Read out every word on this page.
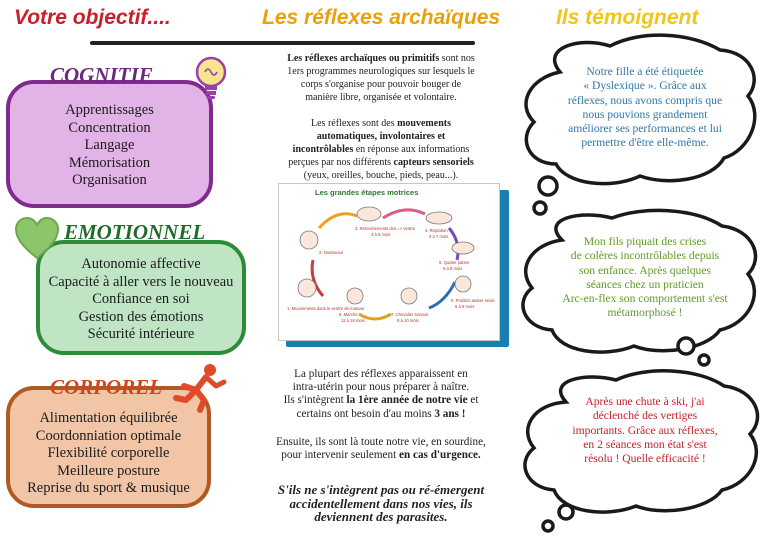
Votre objectif....	Les réflexes archaïques	Ils témoignent
Apprentissages
Concentration
Langage
Mémorisation
Organisation
COGNITIF
Autonomie affective
Capacité à aller vers le nouveau
Confiance en soi
Gestion des émotions
Sécurité intérieure
EMOTIONNEL
Alimentation équilibrée
Coordonniation optimale
Flexibilité corporelle
Meilleure posture
Reprise du sport & musique
CORPOREL
Les réflexes archaïques ou primitifs sont nos
1ers programmes neurologiques sur lesquels le
corps s'organise pour pouvoir bouger de
manière libre, organisée et volontaire.
Les réflexes sont des mouvements
automatiques, involontaires et
incontrôlables en réponse aux informations
perçues par nos différents capteurs sensoriels
(yeux, oreilles, bouche, pieds, peau...).
Les grandes étapes motrices
1. Mouvements dans le ventre de maman
2. Naissance
3. Retournements dos => ventre
3 à 5 mois
4. Reptation
4 à 7 mois
5. Quatre pattes
6 à 8 mois
6. Position assise seule
6 à 9 mois
7. Chevalier servant
8 à 10 mois
8. Marche
11 à 18 mois
La plupart des réflexes apparaissent en
intra-utérin pour nous préparer à naître.
Ils s'intègrent la 1ère année de notre vie et
certains ont besoin d'au moins 3 ans !
Ensuite, ils sont là toute notre vie, en sourdine,
pour intervenir seulement en cas d'urgence.
S'ils ne s'intègrent pas ou ré-émergent
accidentellement dans nos vies, ils
deviennent des parasites.
Notre fille a été étiquetée
« Dyslexique ». Grâce aux
réflexes, nous avons compris que
nous pouvions grandement
améliorer ses performances et lui
permettre d'être elle-même.
Mon fils piquait des crises
de colères incontrôlables depuis
son enfance. Après quelques
séances chez un praticien
Arc-en-flex son comportement s'est
métamorphosé !
Après une chute à ski, j'ai
déclenché des vertiges
importants. Grâce aux réflexes,
en 2 séances mon état s'est
résolu ! Quelle efficacité !
